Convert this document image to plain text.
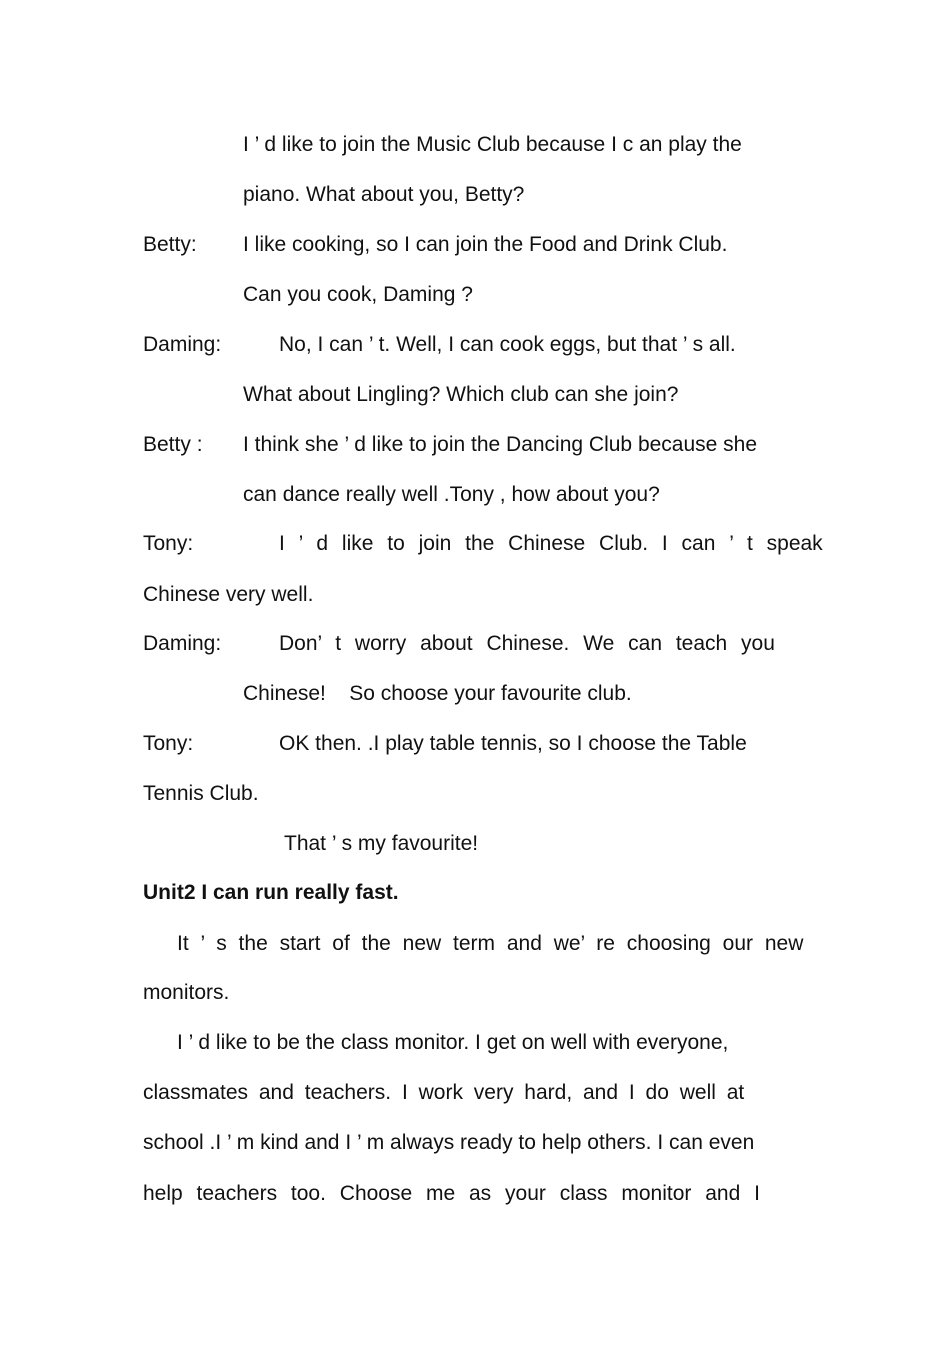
I ’ d like to join the Music Club because I c an play the
piano. What about you, Betty?
Betty: I like cooking, so I can join the Food and Drink Club.
Can you cook, Daming ?
Daming:	No, I can ’ t. Well, I can cook eggs, but that ’ s all.
What about Lingling? Which club can she join?
Betty : I think she ’ d like to join the Dancing Club because she
can dance really well .Tony , how about you?
Tony:	I ’ d like to join the Chinese Club. I can ’ t speak
Chinese very well.
Daming:	Don’ t worry about Chinese. We can teach you
Chinese!    So choose your favourite club.
Tony:	OK then. .I play table tennis, so I choose the Table
Tennis Club.
That ’ s my favourite!
Unit2 I can run really fast.
It ’ s the start of the new term and we’ re choosing our new
monitors.
I ’ d like to be the class monitor. I get on well with everyone,
classmates and teachers. I work very hard, and I do well at
school .I ’ m kind and I ’ m always ready to help others. I can even
help teachers too. Choose me as your class monitor and I
